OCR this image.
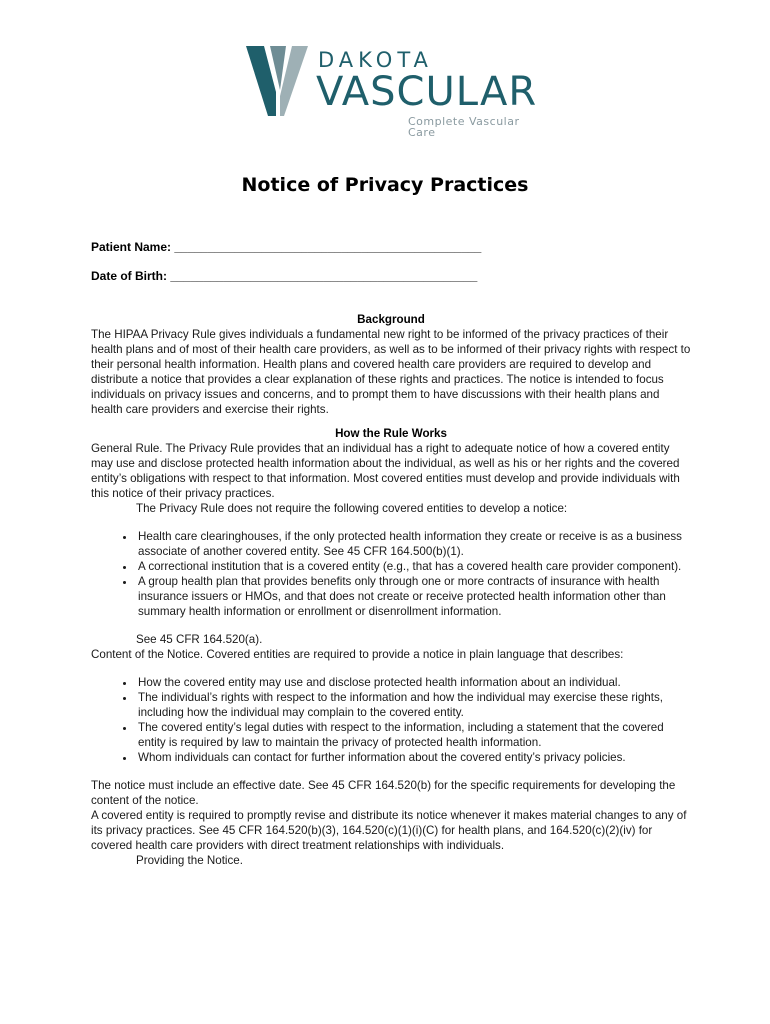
DAKOTA
VASCULAR
Complete Vascular Care
Notice of Privacy Practices
Patient Name: ______________________________________________
Date of Birth: ______________________________________________

Background

The HIPAA Privacy Rule gives individuals a fundamental new right to be informed of the privacy practices of their health plans and of most of their health care providers, as well as to be informed of their privacy rights with respect to their personal health information. Health plans and covered health care providers are required to develop and distribute a notice that provides a clear explanation of these rights and practices. The notice is intended to focus individuals on privacy issues and concerns, and to prompt them to have discussions with their health plans and health care providers and exercise their rights.

How the Rule Works

General Rule. The Privacy Rule provides that an individual has a right to adequate notice of how a covered entity may use and disclose protected health information about the individual, as well as his or her rights and the covered entity’s obligations with respect to that information. Most covered entities must develop and provide individuals with this notice of their privacy practices.

The Privacy Rule does not require the following covered entities to develop a notice:

• Health care clearinghouses, if the only protected health information they create or receive is as a business associate of another covered entity. See 45 CFR 164.500(b)(1).
• A correctional institution that is a covered entity (e.g., that has a covered health care provider component).
• A group health plan that provides benefits only through one or more contracts of insurance with health insurance issuers or HMOs, and that does not create or receive protected health information other than summary health information or enrollment or disenrollment information.

See 45 CFR 164.520(a).

Content of the Notice. Covered entities are required to provide a notice in plain language that describes:

• How the covered entity may use and disclose protected health information about an individual.
• The individual’s rights with respect to the information and how the individual may exercise these rights, including how the individual may complain to the covered entity.
• The covered entity’s legal duties with respect to the information, including a statement that the covered entity is required by law to maintain the privacy of protected health information.
• Whom individuals can contact for further information about the covered entity’s privacy policies.

The notice must include an effective date. See 45 CFR 164.520(b) for the specific requirements for developing the content of the notice.

A covered entity is required to promptly revise and distribute its notice whenever it makes material changes to any of its privacy practices. See 45 CFR 164.520(b)(3), 164.520(c)(1)(i)(C) for health plans, and 164.520(c)(2)(iv) for covered health care providers with direct treatment relationships with individuals.

Providing the Notice.
